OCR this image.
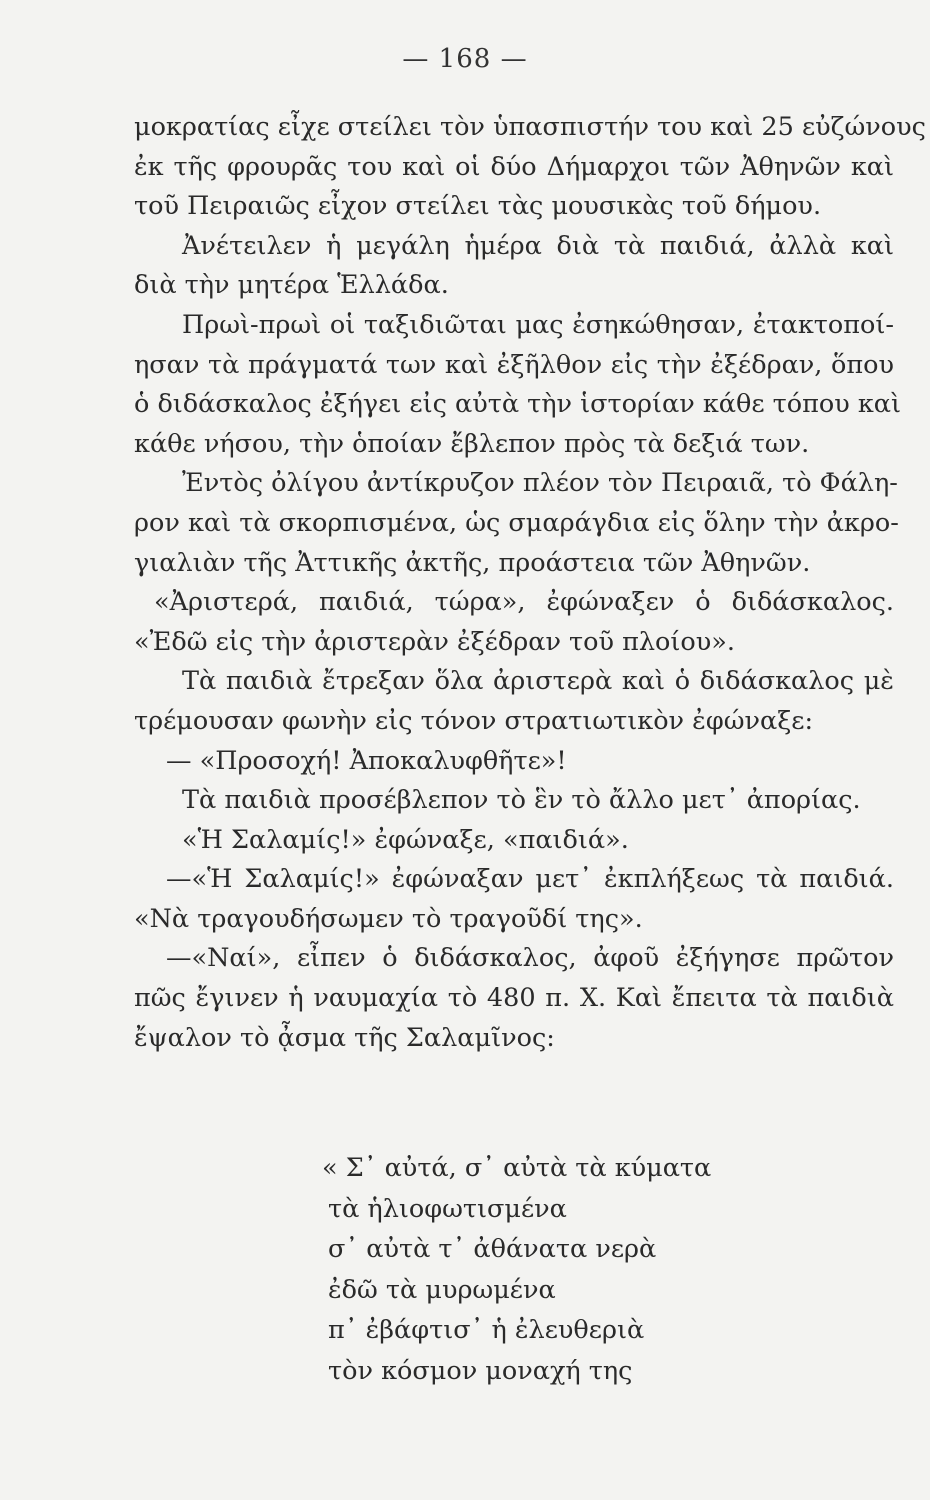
— 168 —
μοκρατίας εἶχε στείλει τὸν ὑπασπιστήν του καὶ 25 εὐζώνους
ἐκ τῆς φρουρᾶς του καὶ οἱ δύο Δήμαρχοι τῶν Ἀθηνῶν καὶ
τοῦ Πειραιῶς εἶχον στείλει τὰς μουσικὰς τοῦ δήμου.
Ἀνέτειλεν ἡ μεγάλη ἡμέρα διὰ τὰ παιδιά, ἀλλὰ καὶ
διὰ τὴν μητέρα Ἑλλάδα.
Πρωὶ-πρωὶ οἱ ταξιδιῶται μας ἐσηκώθησαν, ἐτακτοποί-
ησαν τὰ πράγματά των καὶ ἐξῆλθον εἰς τὴν ἐξέδραν, ὅπου
ὁ διδάσκαλος ἐξήγει εἰς αὐτὰ τὴν ἱστορίαν κάθε τόπου καὶ
κάθε νήσου, τὴν ὁποίαν ἔβλεπον πρὸς τὰ δεξιά των.
Ἐντὸς ὀλίγου ἀντίκρυζον πλέον τὸν Πειραιᾶ, τὸ Φάλη-
ρον καὶ τὰ σκορπισμένα, ὡς σμαράγδια εἰς ὅλην τὴν ἀκρο-
γιαλιὰν τῆς Ἀττικῆς ἀκτῆς, προάστεια τῶν Ἀθηνῶν.
«Ἀριστερά, παιδιά, τώρα», ἐφώναξεν ὁ διδάσκαλος.
«Ἐδῶ εἰς τὴν ἀριστερὰν ἐξέδραν τοῦ πλοίου».
Τὰ παιδιὰ ἔτρεξαν ὅλα ἀριστερὰ καὶ ὁ διδάσκαλος μὲ
τρέμουσαν φωνὴν εἰς τόνον στρατιωτικὸν ἐφώναξε:
— «Προσοχή! Ἀποκαλυφθῆτε»!
Τὰ παιδιὰ προσέβλεπον τὸ ἓν τὸ ἄλλο μετ᾽ ἀπορίας.
«Ἡ Σαλαμίς!» ἐφώναξε, «παιδιά».
—«Ἡ Σαλαμίς!» ἐφώναξαν μετ᾽ ἐκπλήξεως τὰ παιδιά.
«Νὰ τραγουδήσωμεν τὸ τραγοῦδί της».
—«Ναί», εἶπεν ὁ διδάσκαλος, ἀφοῦ ἐξήγησε πρῶτον
πῶς ἔγινεν ἡ ναυμαχία τὸ 480 π. Χ. Καὶ ἔπειτα τὰ παιδιὰ
ἔψαλον τὸ ᾆσμα τῆς Σαλαμῖνος:
« Σ᾽ αὐτά, σ᾽ αὐτὰ τὰ κύματα
τὰ ἡλιοφωτισμένα
σ᾽ αὐτὰ τ᾽ ἀθάνατα νερὰ
ἐδῶ τὰ μυρωμένα
π᾽ ἐβάφτισ᾽ ἡ ἐλευθεριὰ
τὸν κόσμον μοναχή της
